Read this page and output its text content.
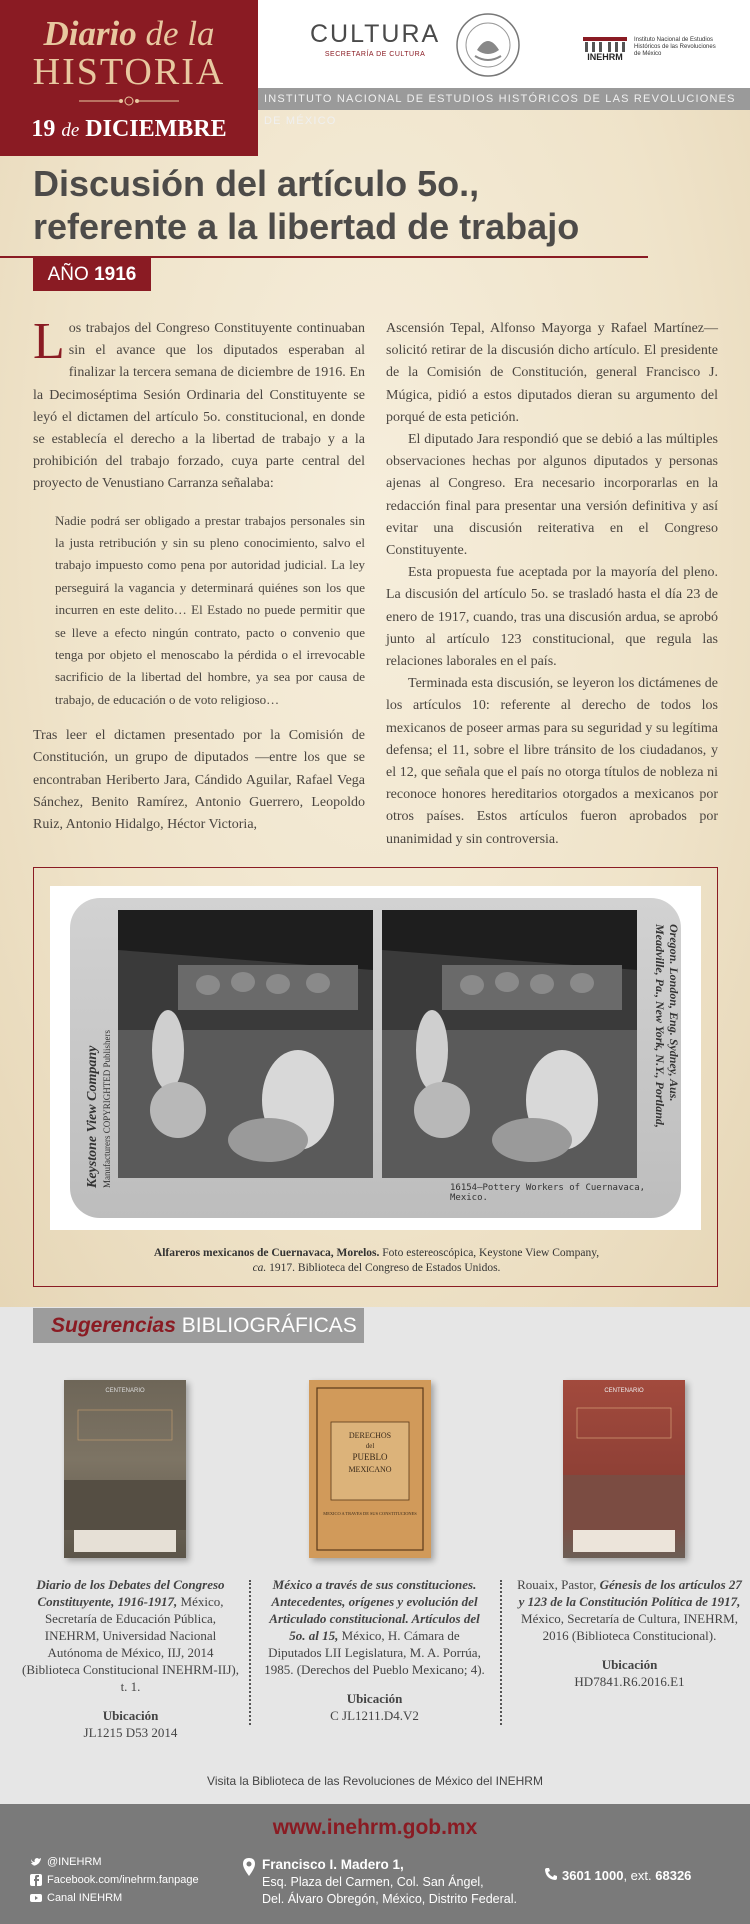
Diario de la
HISTORIA
19 de DICIEMBRE
CULTURA
SECRETARÍA DE CULTURA	INEHRM
Instituto Nacional de Estudios Históricos de las Revoluciones de México
INSTITUTO NACIONAL DE ESTUDIOS HISTÓRICOS DE LAS REVOLUCIONES DE MÉXICO
Discusión del artículo 5o.,
referente a la libertad de trabajo
AÑO 1916

Los trabajos del Congreso Constituyente continuaban sin el avance que los diputados esperaban al finalizar la tercera semana de diciembre de 1916. En la Decimoséptima Sesión Ordinaria del Constituyente se leyó el dictamen del artículo 5o. constitucional, en donde se establecía el derecho a la libertad de trabajo y a la prohibición del trabajo forzado, cuya parte central del proyecto de Venustiano Carranza señalaba:

Nadie podrá ser obligado a prestar trabajos personales sin la justa retribución y sin su pleno conocimiento, salvo el trabajo impuesto como pena por autoridad judicial. La ley perseguirá la vagancia y determinará quiénes son los que incurren en este delito… El Estado no puede permitir que se lleve a efecto ningún contrato, pacto o convenio que tenga por objeto el menoscabo la pérdida o el irrevocable sacrificio de la libertad del hombre, ya sea por causa de trabajo, de educación o de voto religioso…

Tras leer el dictamen presentado por la Comisión de Constitución, un grupo de diputados —entre los que se encontraban Heriberto Jara, Cándido Aguilar, Rafael Vega Sánchez, Benito Ramírez, Antonio Guerrero, Leopoldo Ruiz, Antonio Hidalgo, Héctor Victoria,

Ascensión Tepal, Alfonso Mayorga y Rafael Martínez— solicitó retirar de la discusión dicho artículo. El presidente de la Comisión de Constitución, general Francisco J. Múgica, pidió a estos diputados dieran su argumento del porqué de esta petición.

El diputado Jara respondió que se debió a las múltiples observaciones hechas por algunos diputados y personas ajenas al Congreso. Era necesario incorporarlas en la redacción final para presentar una versión definitiva y así evitar una discusión reiterativa en el Congreso Constituyente.

Esta propuesta fue aceptada por la mayoría del pleno. La discusión del artículo 5o. se trasladó hasta el día 23 de enero de 1917, cuando, tras una discusión ardua, se aprobó junto al artículo 123 constitucional, que regula las relaciones laborales en el país.

Terminada esta discusión, se leyeron los dictámenes de los artículos 10: referente al derecho de todos los mexicanos de poseer armas para su seguridad y su legítima defensa; el 11, sobre el libre tránsito de los ciudadanos, y el 12, que señala que el país no otorga títulos de nobleza ni reconoce honores hereditarios otorgados a mexicanos por otros países. Estos artículos fueron aprobados por unanimidad y sin controversia.

Keystone View Company Manufacturers COPYRIGHTED Publishers	Meadville, Pa., New York, N.Y., Portland, Oregon. London, Eng. Sydney, Aus.
16154—Pottery Workers of Cuernavaca, Mexico.
Alfareros mexicanos de Cuernavaca, Morelos. Foto estereoscópica, Keystone View Company,
ca. 1917. Biblioteca del Congreso de Estados Unidos.
Sugerencias BIBLIOGRÁFICAS
CENTENARIO
DERECHOS
del
PUEBLO
MEXICANO
MEXICO A TRAVES DE SUS CONSTITUCIONES
CENTENARIO
Diario de los Debates del Congreso Constituyente, 1916-1917, México, Secretaría de Educación Pública, INEHRM, Universidad Nacional Autónoma de México, IIJ, 2014 (Biblioteca Constitucional INEHRM-IIJ), t. 1.
Ubicación
JL1215 D53 2014
México a través de sus constituciones. Antecedentes, orígenes y evolución del Articulado constitucional. Artículos del 5o. al 15, México, H. Cámara de Diputados LII Legislatura, M. A. Porrúa, 1985. (Derechos del Pueblo Mexicano; 4).
Ubicación
C JL1211.D4.V2
Rouaix, Pastor, Génesis de los artículos 27 y 123 de la Constitución Política de 1917, México, Secretaría de Cultura, INEHRM, 2016 (Biblioteca Constitucional).
Ubicación
HD7841.R6.2016.E1
Visita la Biblioteca de las Revoluciones de México del INEHRM
www.inehrm.gob.mx
@INEHRM
Facebook.com/inehrm.fanpage
Canal INEHRM
Francisco I. Madero 1,
Esq. Plaza del Carmen, Col. San Ángel,
Del. Álvaro Obregón, México, Distrito Federal.
3601 1000, ext. 68326
